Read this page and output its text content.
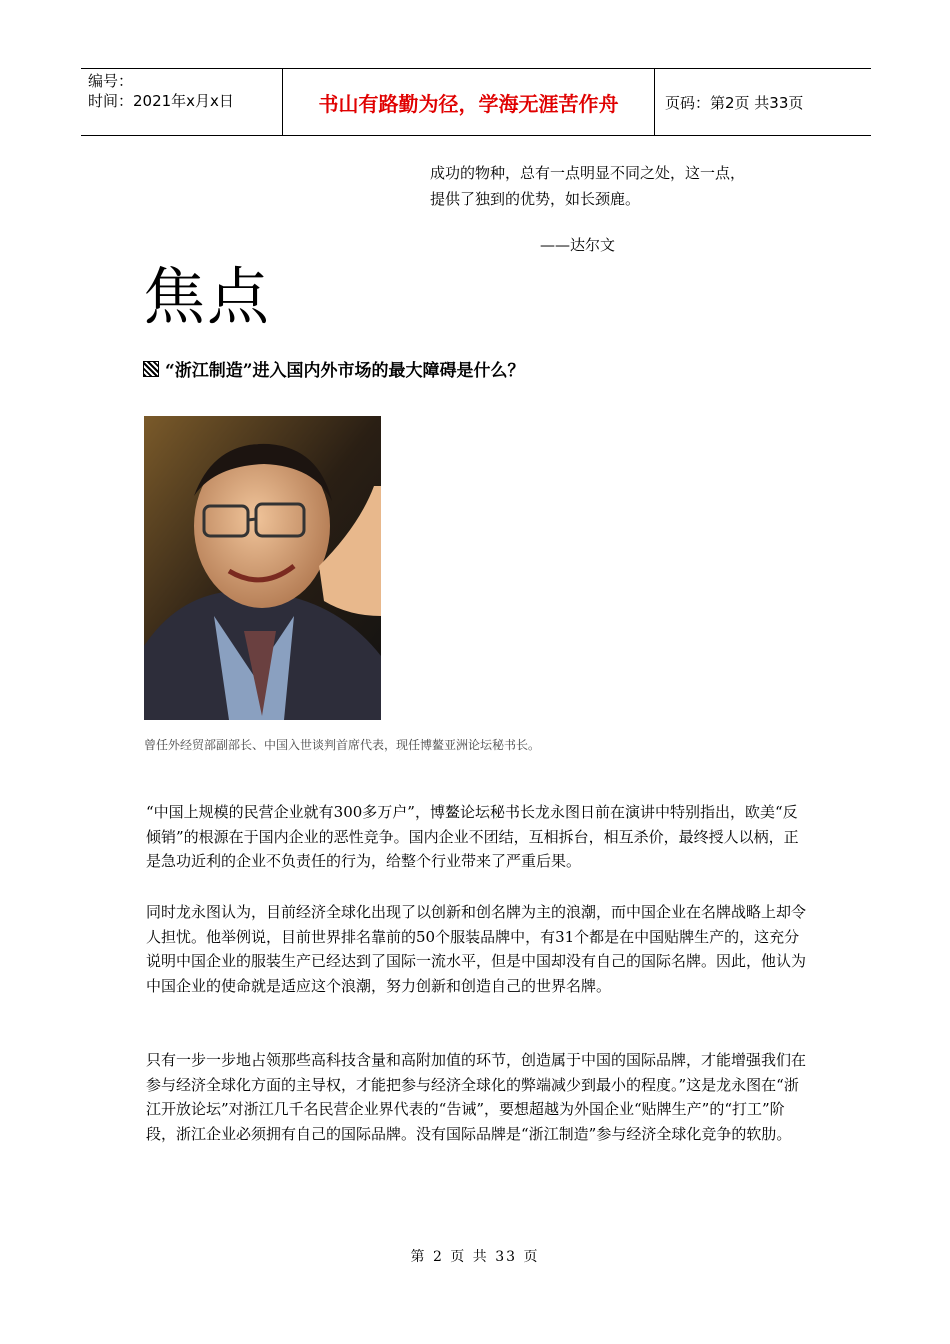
编号：
时间：2021年x月x日	书山有路勤为径，学海无涯苦作舟	页码：第2页 共33页
成功的物种，总有一点明显不同之处，这一点，
提供了独到的优势，如长颈鹿。
——达尔文
焦点
“浙江制造”进入国内外市场的最大障碍是什么？
曾任外经贸部副部长、中国入世谈判首席代表，现任博鳌亚洲论坛秘书长。
“中国上规模的民营企业就有300多万户”，博鳌论坛秘书长龙永图日前在演讲中特别指出，欧美“反倾销”的根源在于国内企业的恶性竞争。国内企业不团结，互相拆台，相互杀价，最终授人以柄，正是急功近利的企业不负责任的行为，给整个行业带来了严重后果。
同时龙永图认为，目前经济全球化出现了以创新和创名牌为主的浪潮，而中国企业在名牌战略上却令人担忧。他举例说，目前世界排名靠前的50个服装品牌中，有31个都是在中国贴牌生产的，这充分说明中国企业的服装生产已经达到了国际一流水平，但是中国却没有自己的国际名牌。因此，他认为中国企业的使命就是适应这个浪潮，努力创新和创造自己的世界名牌。
只有一步一步地占领那些高科技含量和高附加值的环节，创造属于中国的国际品牌，才能增强我们在参与经济全球化方面的主导权，才能把参与经济全球化的弊端减少到最小的程度。”这是龙永图在“浙江开放论坛”对浙江几千名民营企业界代表的“告诫”，要想超越为外国企业“贴牌生产”的“打工”阶段，浙江企业必须拥有自己的国际品牌。没有国际品牌是“浙江制造”参与经济全球化竞争的软肋。
第 2 页 共 33 页
